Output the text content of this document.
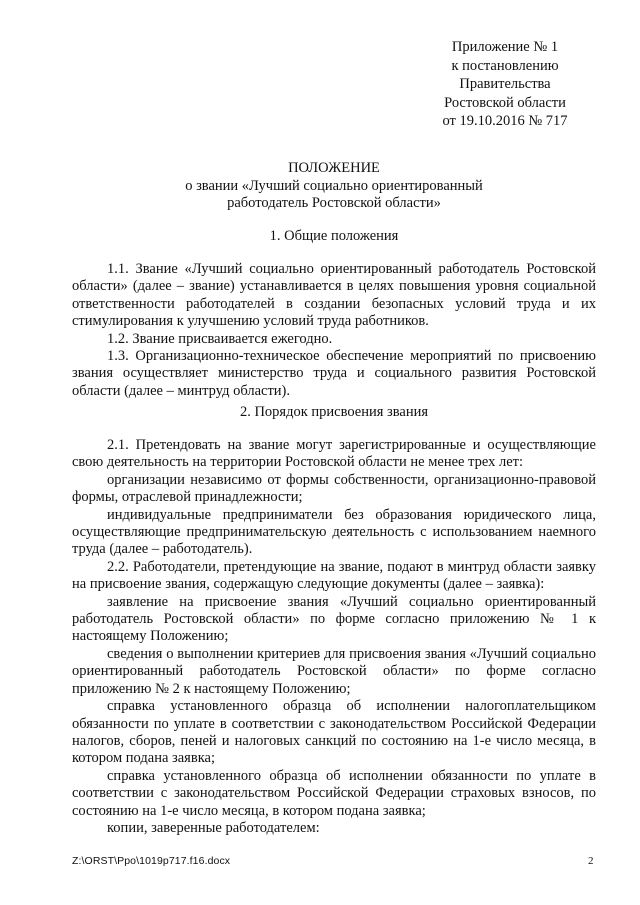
Приложение № 1
к постановлению
Правительства
Ростовской области
от 19.10.2016 № 717
ПОЛОЖЕНИЕ
о звании «Лучший социально ориентированный
работодатель Ростовской области»
1. Общие положения

1.1. Звание «Лучший социально ориентированный работодатель Ростовской области» (далее – звание) устанавливается в целях повышения уровня социальной ответственности работодателей в создании безопасных условий труда и их стимулирования к улучшению условий труда работников.

1.2. Звание присваивается ежегодно.

1.3. Организационно-техническое обеспечение мероприятий по присвоению звания осуществляет министерство труда и социального развития Ростовской области (далее – минтруд области).

2. Порядок присвоения звания

2.1. Претендовать на звание могут зарегистрированные и осуществляющие свою деятельность на территории Ростовской области не менее трех лет:

организации независимо от формы собственности, организационно-правовой формы, отраслевой принадлежности;

индивидуальные предприниматели без образования юридического лица, осуществляющие предпринимательскую деятельность с использованием наемного труда (далее – работодатель).

2.2. Работодатели, претендующие на звание, подают в минтруд области заявку на присвоение звания, содержащую следующие документы (далее – заявка):

заявление на присвоение звания «Лучший социально ориентированный работодатель Ростовской области» по форме согласно приложению № 1 к настоящему Положению;

сведения о выполнении критериев для присвоения звания «Лучший социально ориентированный работодатель Ростовской области» по форме согласно приложению № 2 к настоящему Положению;

справка установленного образца об исполнении налогоплательщиком обязанности по уплате в соответствии с законодательством Российской Федерации налогов, сборов, пеней и налоговых санкций по состоянию на 1-е число месяца, в котором подана заявка;

справка установленного образца об исполнении обязанности по уплате в соответствии с законодательством Российской Федерации страховых взносов, по состоянию на 1-е число месяца, в котором подана заявка;

копии, заверенные работодателем:

Z:\ORST\Ppo\1019p717.f16.docx	2
